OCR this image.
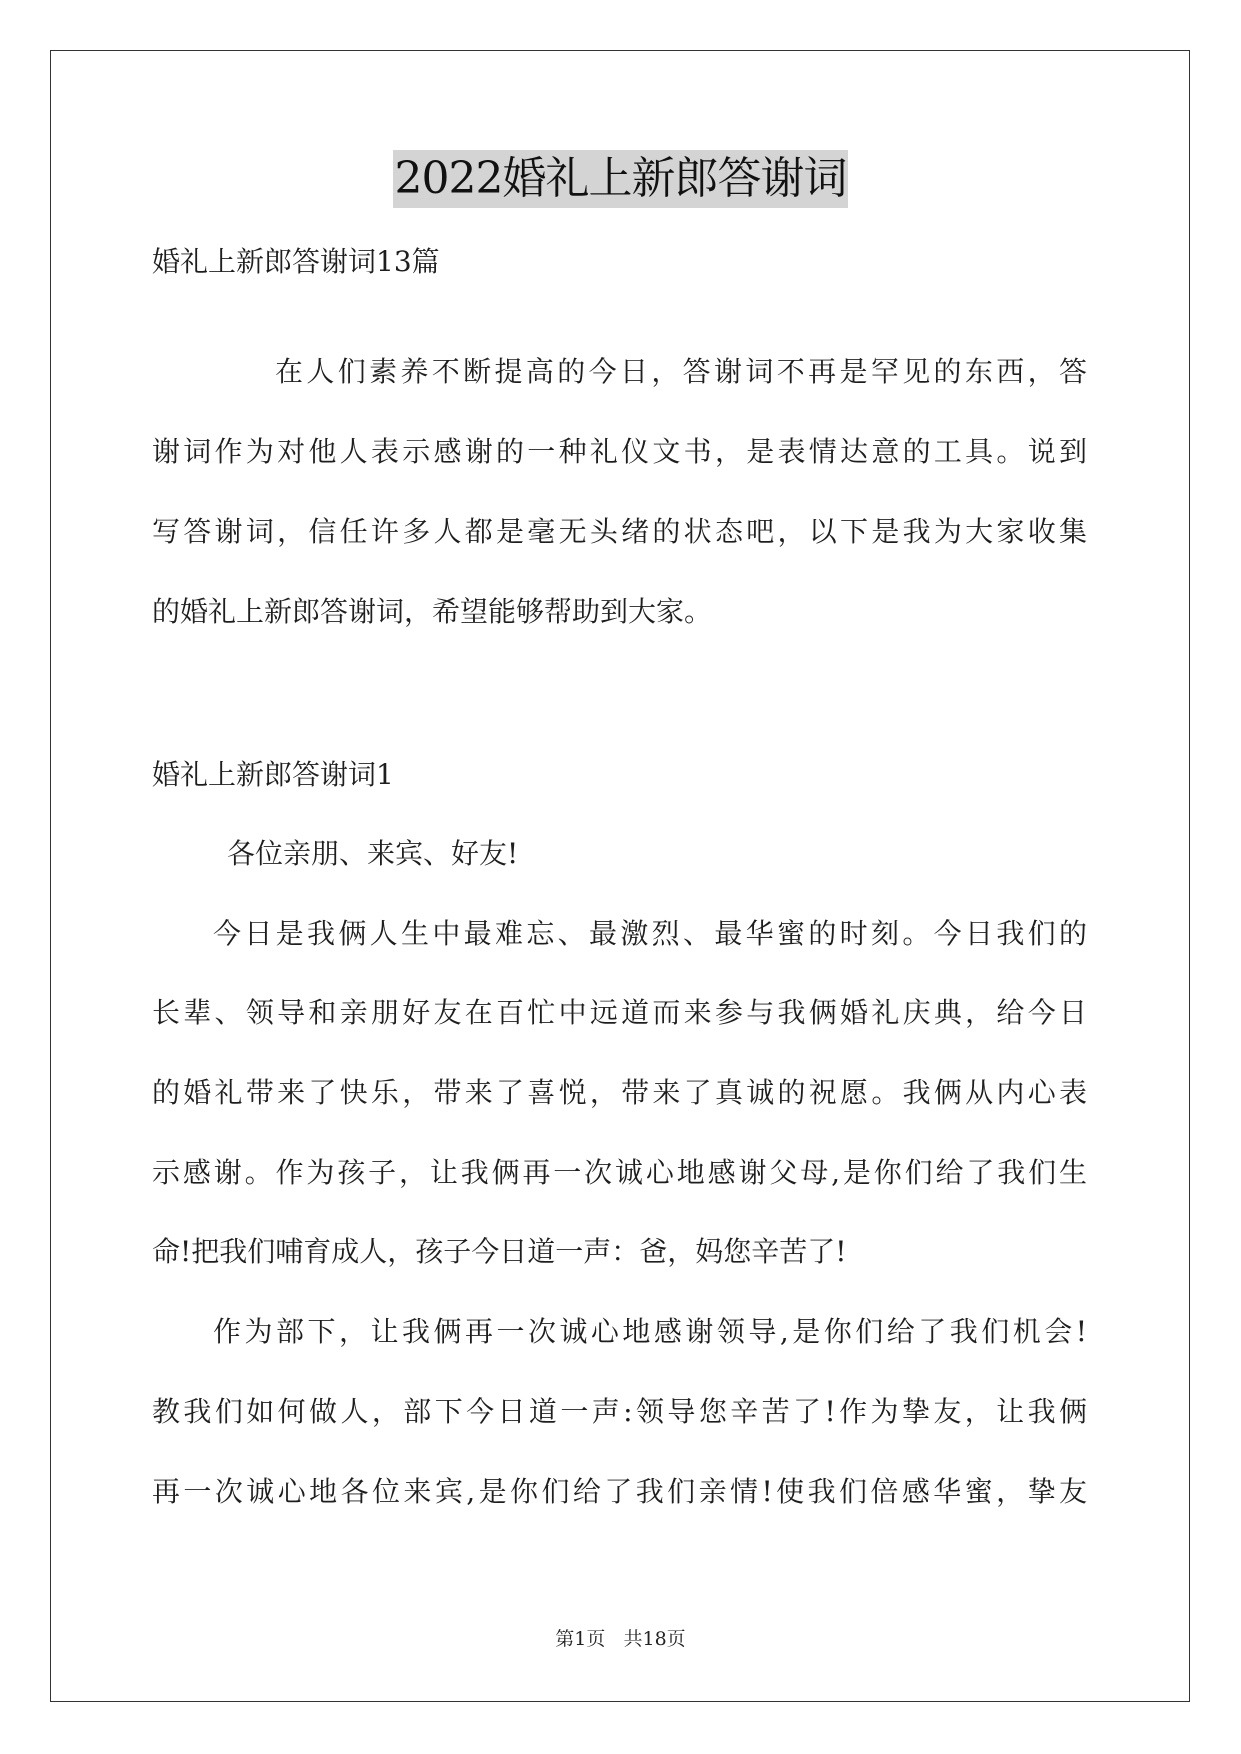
2022婚礼上新郎答谢词
婚礼上新郎答谢词13篇
在人们素养不断提高的今日，答谢词不再是罕见的东西，答
谢词作为对他人表示感谢的一种礼仪文书，是表情达意的工具。说到
写答谢词，信任许多人都是毫无头绪的状态吧，以下是我为大家收集
的婚礼上新郎答谢词，希望能够帮助到大家。
婚礼上新郎答谢词1
各位亲朋、来宾、好友!
今日是我俩人生中最难忘、最激烈、最华蜜的时刻。今日我们的
长辈、领导和亲朋好友在百忙中远道而来参与我俩婚礼庆典，给今日
的婚礼带来了快乐，带来了喜悦，带来了真诚的祝愿。我俩从内心表
示感谢。作为孩子，让我俩再一次诚心地感谢父母,是你们给了我们生
命!把我们哺育成人，孩子今日道一声：爸，妈您辛苦了!
作为部下，让我俩再一次诚心地感谢领导,是你们给了我们机会!
教我们如何做人，部下今日道一声:领导您辛苦了!作为挚友，让我俩
再一次诚心地各位来宾,是你们给了我们亲情!使我们倍感华蜜，挚友
第1页   共18页
